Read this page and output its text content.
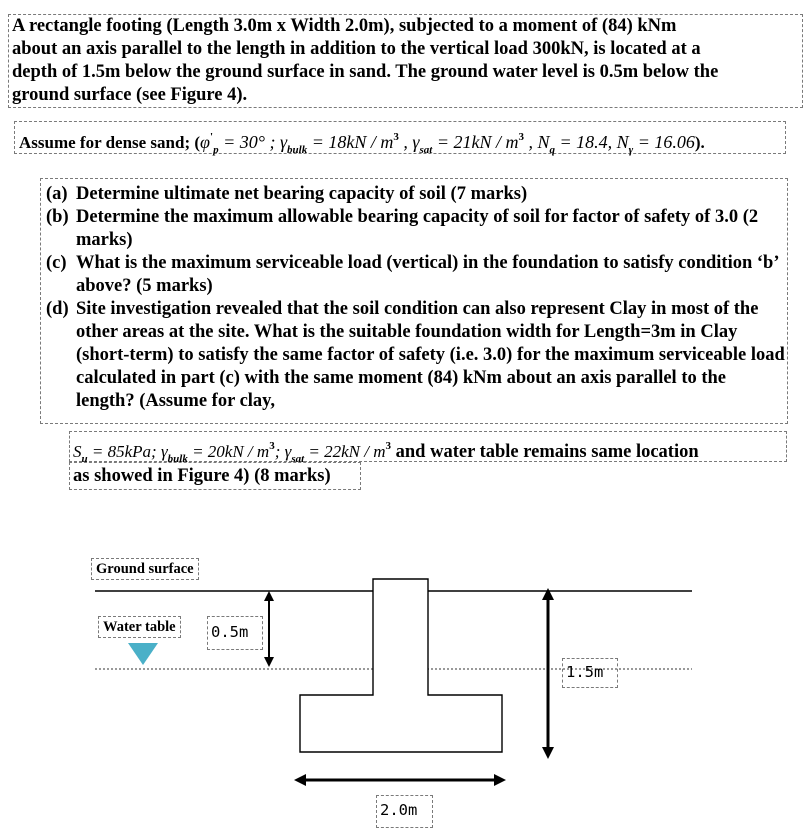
A rectangle footing (Length 3.0m x Width 2.0m), subjected to a moment of (84) kNm
about an axis parallel to the length in addition to the vertical load 300kN, is located at a
depth of 1.5m below the ground surface in sand. The ground water level is 0.5m below the
ground surface (see Figure 4).
Assume for dense sand; ($\varphi'_p = 30^\circ$ ; $\gamma_{bulk} = 18kN / m^3$ , $\gamma_{sat} = 21kN / m^3$ , $N_q = 18.4$, $N_\gamma = 16.06$).
(a) Determine ultimate net bearing capacity of soil (7 marks)
(b) Determine the maximum allowable bearing capacity of soil for factor of safety of 3.0 (2 marks)
(c) What is the maximum serviceable load (vertical) in the foundation to satisfy condition ‘b’ above? (5 marks)
(d) Site investigation revealed that the soil condition can also represent Clay in most of the other areas at the site. What is the suitable foundation width for Length=3m in Clay (short-term) to satisfy the same factor of safety (i.e. 3.0) for the maximum serviceable load calculated in part (c) with the same moment (84) kNm about an axis parallel to the length? (Assume for clay,
$S_u = 85kPa$; $\gamma_{bulk} = 20kN / m^3$; $\gamma_{sat} = 22kN / m^3$ and water table remains same location
as showed in Figure 4) (8 marks)
Ground surface
Water table	0.5m
1.5m
2.0m
